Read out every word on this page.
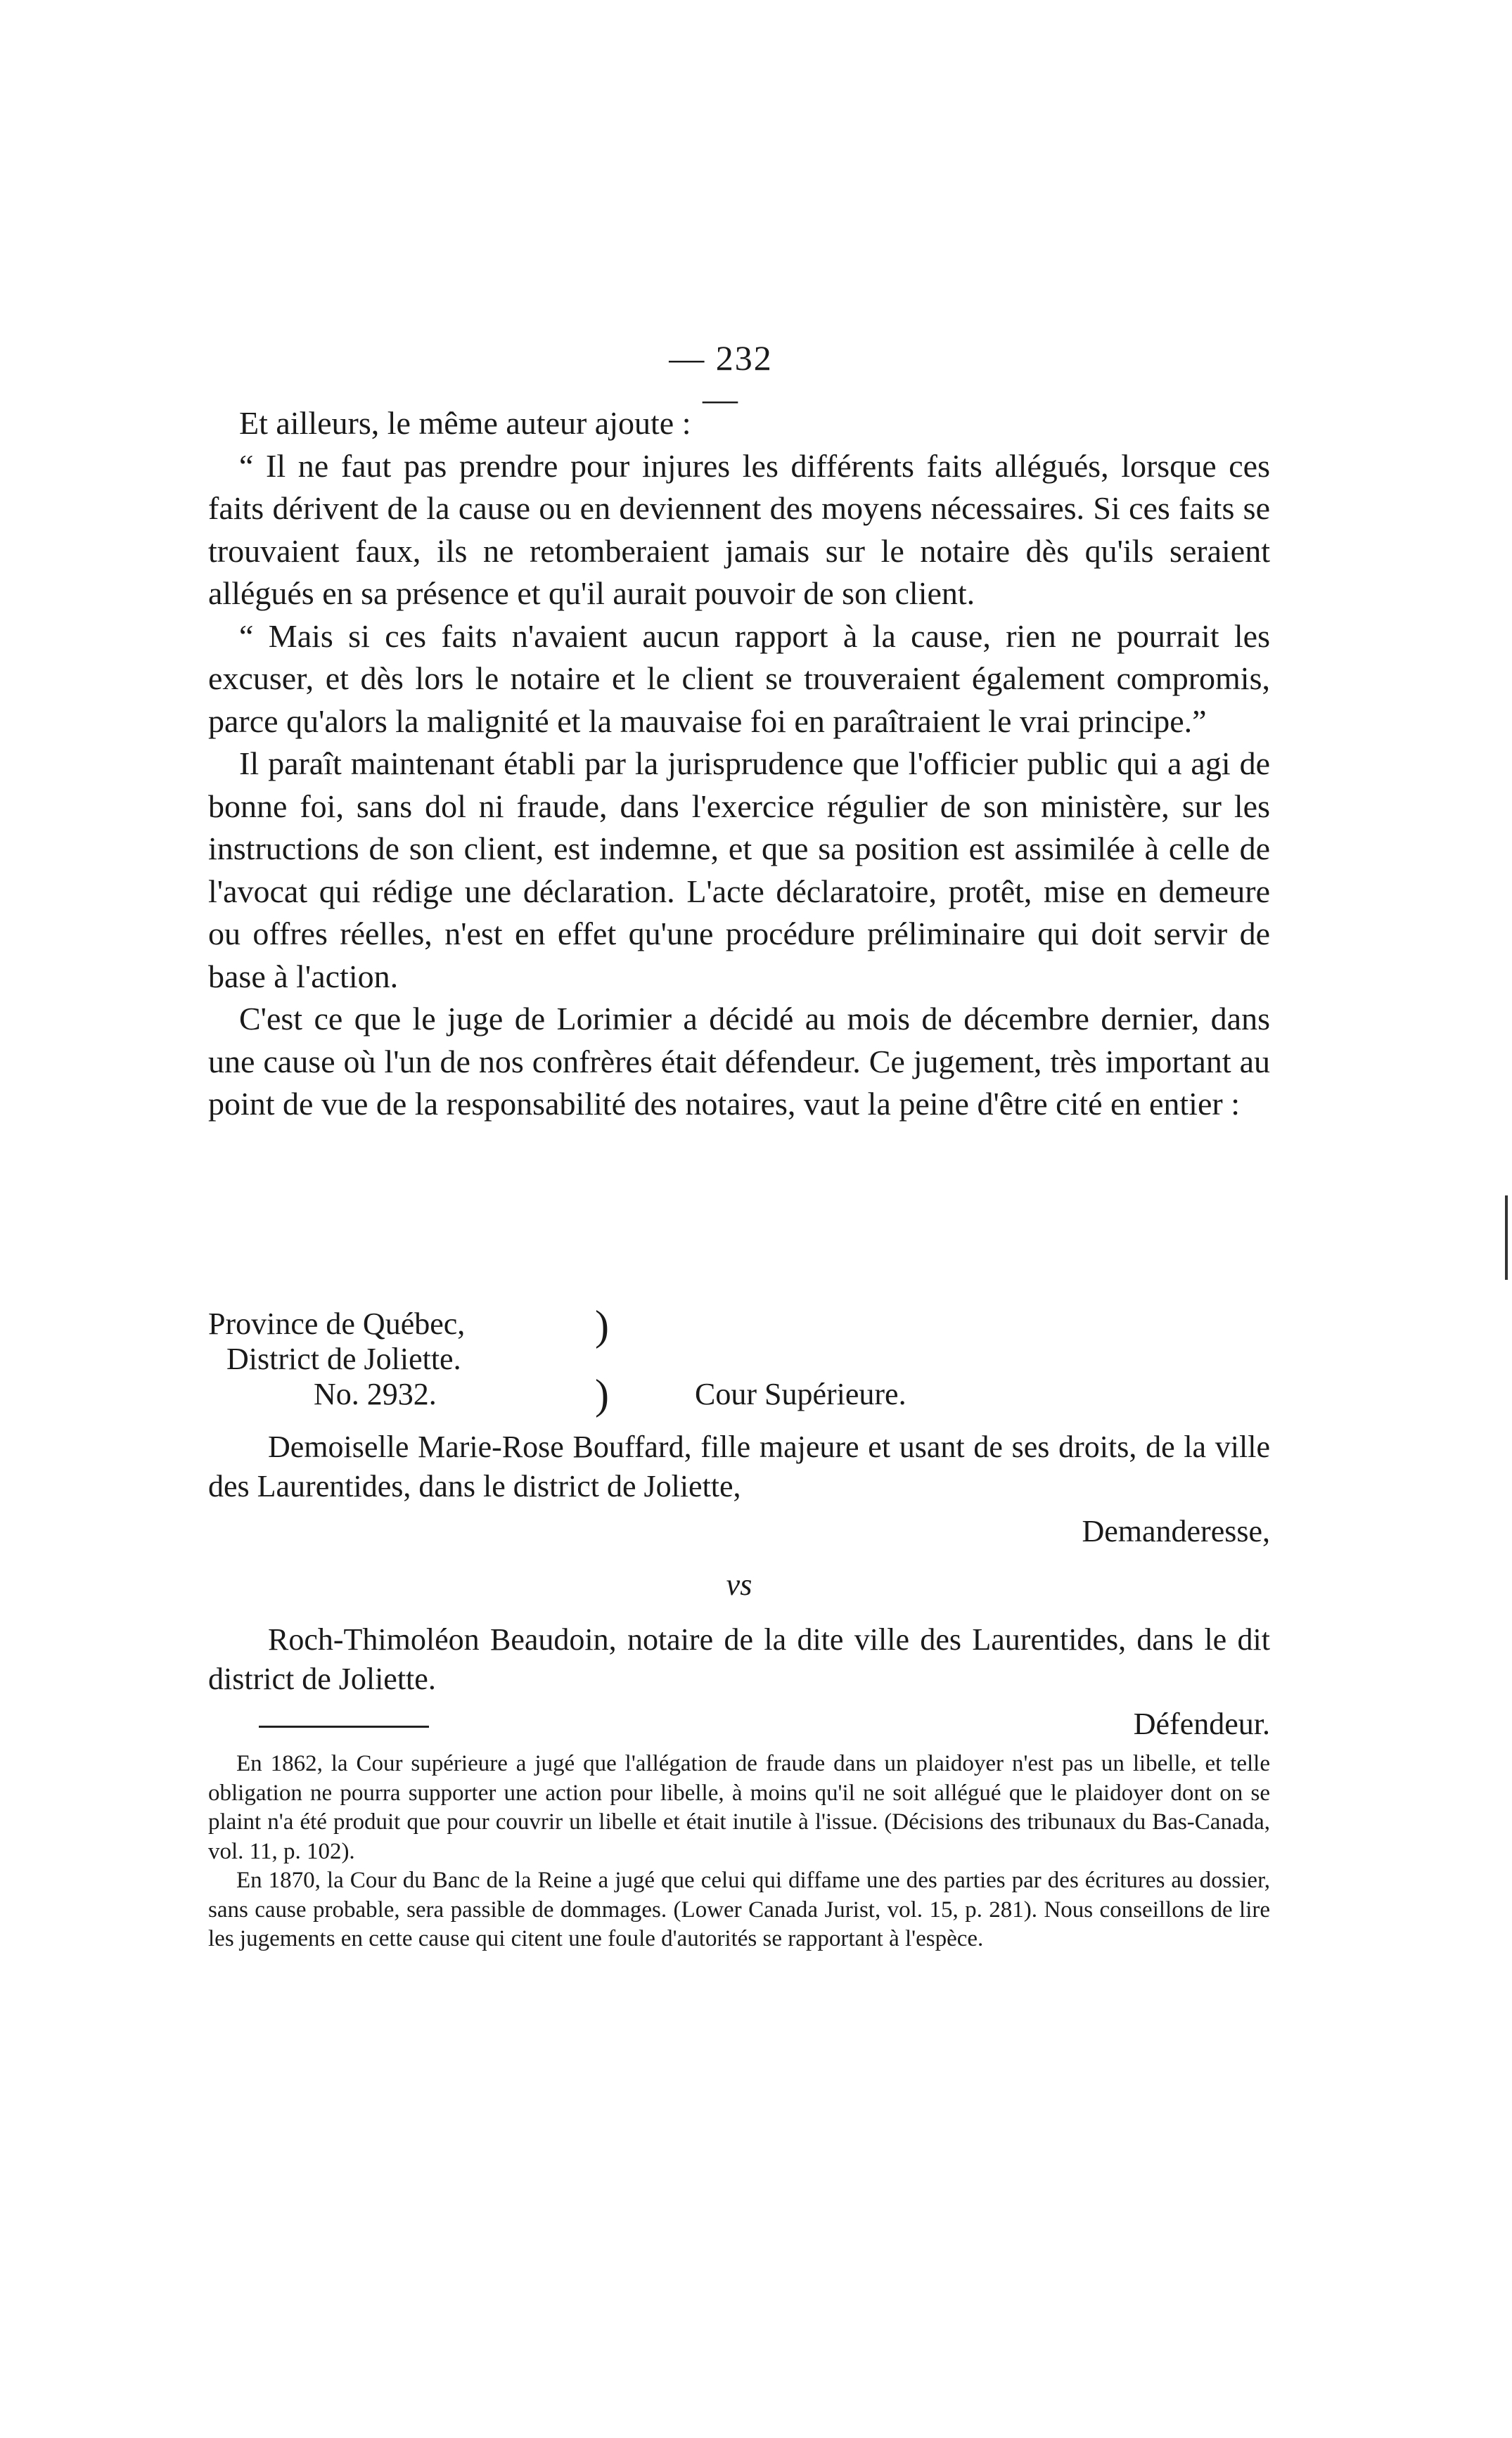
— 232 —

Et ailleurs, le même auteur ajoute :

“ Il ne faut pas prendre pour injures les différents faits allégués, lorsque ces faits dérivent de la cause ou en deviennent des moyens nécessaires. Si ces faits se trouvaient faux, ils ne retomberaient jamais sur le notaire dès qu'ils seraient allégués en sa présence et qu'il aurait pouvoir de son client.

“ Mais si ces faits n'avaient aucun rapport à la cause, rien ne pourrait les excuser, et dès lors le notaire et le client se trouveraient également compromis, parce qu'alors la malignité et la mauvaise foi en paraîtraient le vrai principe.”

Il paraît maintenant établi par la jurisprudence que l'officier public qui a agi de bonne foi, sans dol ni fraude, dans l'exercice régulier de son ministère, sur les instructions de son client, est indemne, et que sa position est assimilée à celle de l'avocat qui rédige une déclaration. L'acte déclaratoire, protêt, mise en demeure ou offres réelles, n'est en effet qu'une procédure préliminaire qui doit servir de base à l'action.

C'est ce que le juge de Lorimier a décidé au mois de décembre dernier, dans une cause où l'un de nos confrères était défendeur. Ce jugement, très important au point de vue de la responsabilité des notaires, vaut la peine d'être cité en entier :

Province de Québec,	)
District de Joliette.
No. 2932.	)	Cour Supérieure.

Demoiselle Marie-Rose Bouffard, fille majeure et usant de ses droits, de la ville des Laurentides, dans le district de Joliette,

Demanderesse,

vs

Roch-Thimoléon Beaudoin, notaire de la dite ville des Laurentides, dans le dit district de Joliette.

Défendeur.

En 1862, la Cour supérieure a jugé que l'allégation de fraude dans un plaidoyer n'est pas un libelle, et telle obligation ne pourra supporter une action pour libelle, à moins qu'il ne soit allégué que le plaidoyer dont on se plaint n'a été produit que pour couvrir un libelle et était inutile à l'issue. (Décisions des tribunaux du Bas-Canada, vol. 11, p. 102).

En 1870, la Cour du Banc de la Reine a jugé que celui qui diffame une des parties par des écritures au dossier, sans cause probable, sera passible de dommages. (Lower Canada Jurist, vol. 15, p. 281). Nous conseillons de lire les jugements en cette cause qui citent une foule d'autorités se rapportant à l'espèce.
